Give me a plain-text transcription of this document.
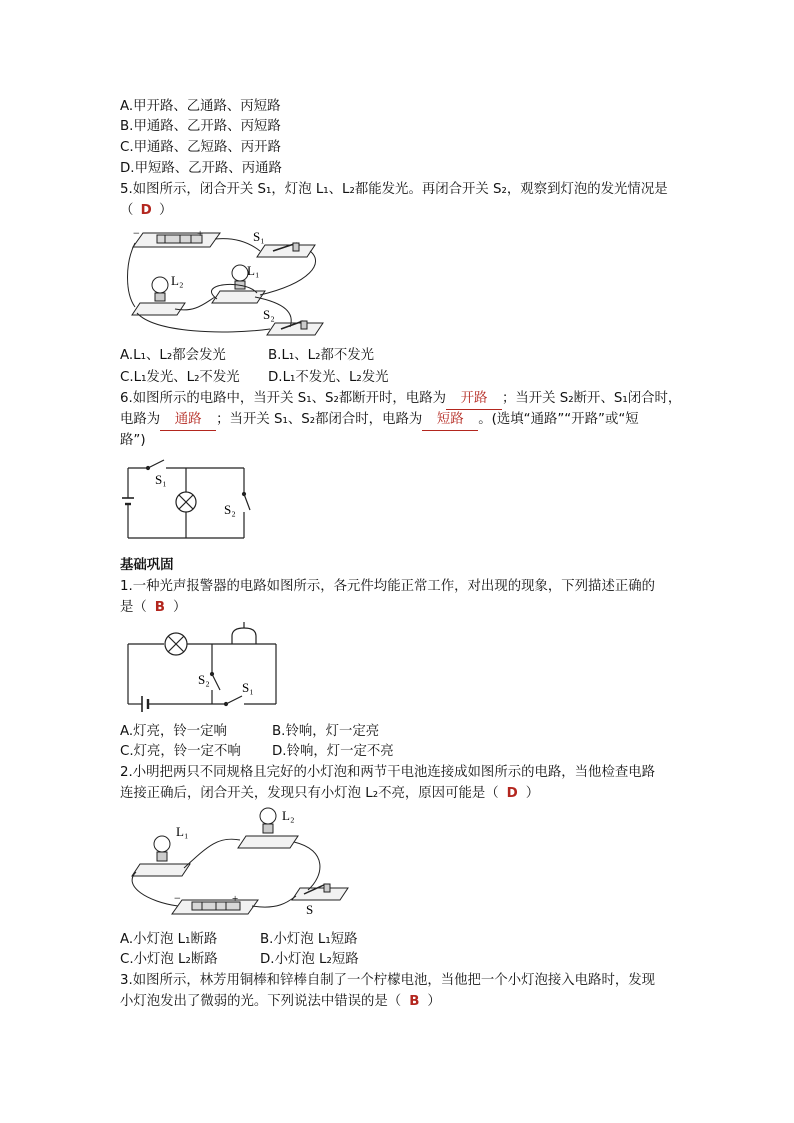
A.甲开路、乙通路、丙短路
B.甲通路、乙开路、丙短路
C.甲通路、乙短路、丙开路
D.甲短路、乙开路、丙通路
5.如图所示，闭合开关 S₁，灯泡 L₁、L₂都能发光。再闭合开关 S₂，观察到灯泡的发光情况是
（ D ）
−	+	S₁
L₁
L₂
S₂
A.L₁、L₂都会发光	B.L₁、L₂都不发光
C.L₁发光、L₂不发光 D.L₁不发光、L₂发光
6.如图所示的电路中，当开关 S₁、S₂都断开时，电路为 开路 ；当开关 S₂断开、S₁闭合时，
电路为 通路 ；当开关 S₁、S₂都闭合时，电路为 短路 。(选填“通路”“开路”或“短
路”)
S₁
S₂
基础巩固
1.一种光声报警器的电路如图所示，各元件均能正常工作，对出现的现象，下列描述正确的
是（ B ）
S₂
S₁
A.灯亮，铃一定响	B.铃响，灯一定亮
C.灯亮，铃一定不响 D.铃响，灯一定不亮
2.小明把两只不同规格且完好的小灯泡和两节干电池连接成如图所示的电路，当他检查电路
连接正确后，闭合开关，发现只有小灯泡 L₂不亮，原因可能是（ D ）
L₁
L₂
S
−	+
A.小灯泡 L₁断路	B.小灯泡 L₁短路
C.小灯泡 L₂断路	D.小灯泡 L₂短路
3.如图所示，林芳用铜棒和锌棒自制了一个柠檬电池，当他把一个小灯泡接入电路时，发现
小灯泡发出了微弱的光。下列说法中错误的是（ B ）
